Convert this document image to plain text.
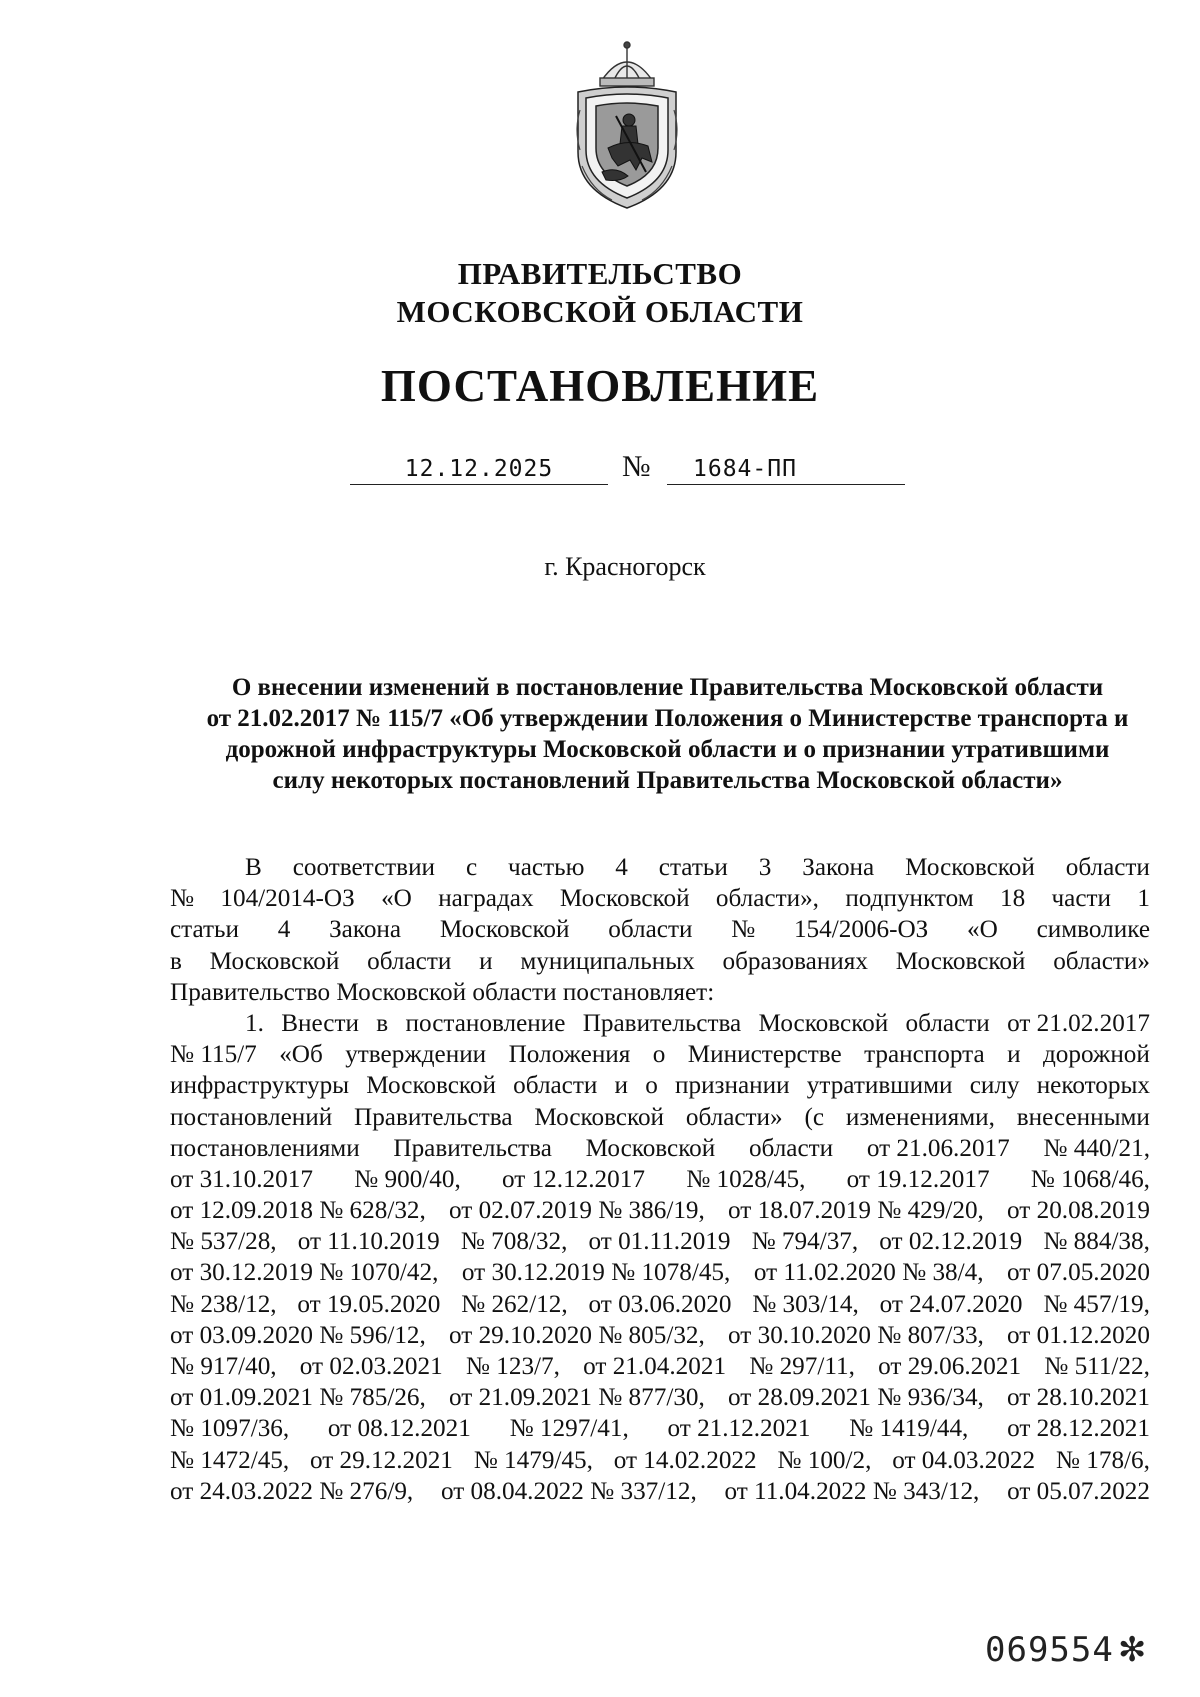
ПРАВИТЕЛЬСТВО
МОСКОВСКОЙ ОБЛАСТИ
ПОСТАНОВЛЕНИЕ
12.12.2025	№	1684-ПП
г. Красногорск
О внесении изменений в постановление Правительства Московской области
от 21.02.2017 № 115/7 «Об утверждении Положения о Министерстве транспорта и
дорожной инфраструктуры Московской области и о признании утратившими
силу некоторых постановлений Правительства Московской области»
В соответствии с частью 4 статьи 3 Закона Московской области
№ 104/2014-ОЗ «О наградах Московской области», подпунктом 18 части 1
статьи 4 Закона Московской области № 154/2006-ОЗ «О символике
в Московской области и муниципальных образованиях Московской области»
Правительство Московской области постановляет:
1. Внести в постановление Правительства Московской области от 21.02.2017
№ 115/7 «Об утверждении Положения о Министерстве транспорта и дорожной
инфраструктуры Московской области и о признании утратившими силу некоторых
постановлений Правительства Московской области» (с изменениями, внесенными
постановлениями Правительства Московской области от 21.06.2017 № 440/21,
от 31.10.2017 № 900/40, от 12.12.2017 № 1028/45, от 19.12.2017 № 1068/46,
от 12.09.2018 № 628/32, от 02.07.2019 № 386/19, от 18.07.2019 № 429/20, от 20.08.2019
№ 537/28, от 11.10.2019 № 708/32, от 01.11.2019 № 794/37, от 02.12.2019 № 884/38,
от 30.12.2019 № 1070/42, от 30.12.2019 № 1078/45, от 11.02.2020 № 38/4, от 07.05.2020
№ 238/12, от 19.05.2020 № 262/12, от 03.06.2020 № 303/14, от 24.07.2020 № 457/19,
от 03.09.2020 № 596/12, от 29.10.2020 № 805/32, от 30.10.2020 № 807/33, от 01.12.2020
№ 917/40, от 02.03.2021 № 123/7, от 21.04.2021 № 297/11, от 29.06.2021 № 511/22,
от 01.09.2021 № 785/26, от 21.09.2021 № 877/30, от 28.09.2021 № 936/34, от 28.10.2021
№ 1097/36, от 08.12.2021 № 1297/41, от 21.12.2021 № 1419/44, от 28.12.2021
№ 1472/45, от 29.12.2021 № 1479/45, от 14.02.2022 № 100/2, от 04.03.2022 № 178/6,
от 24.03.2022 № 276/9, от 08.04.2022 № 337/12, от 11.04.2022 № 343/12, от 05.07.2022
069554 ✻
